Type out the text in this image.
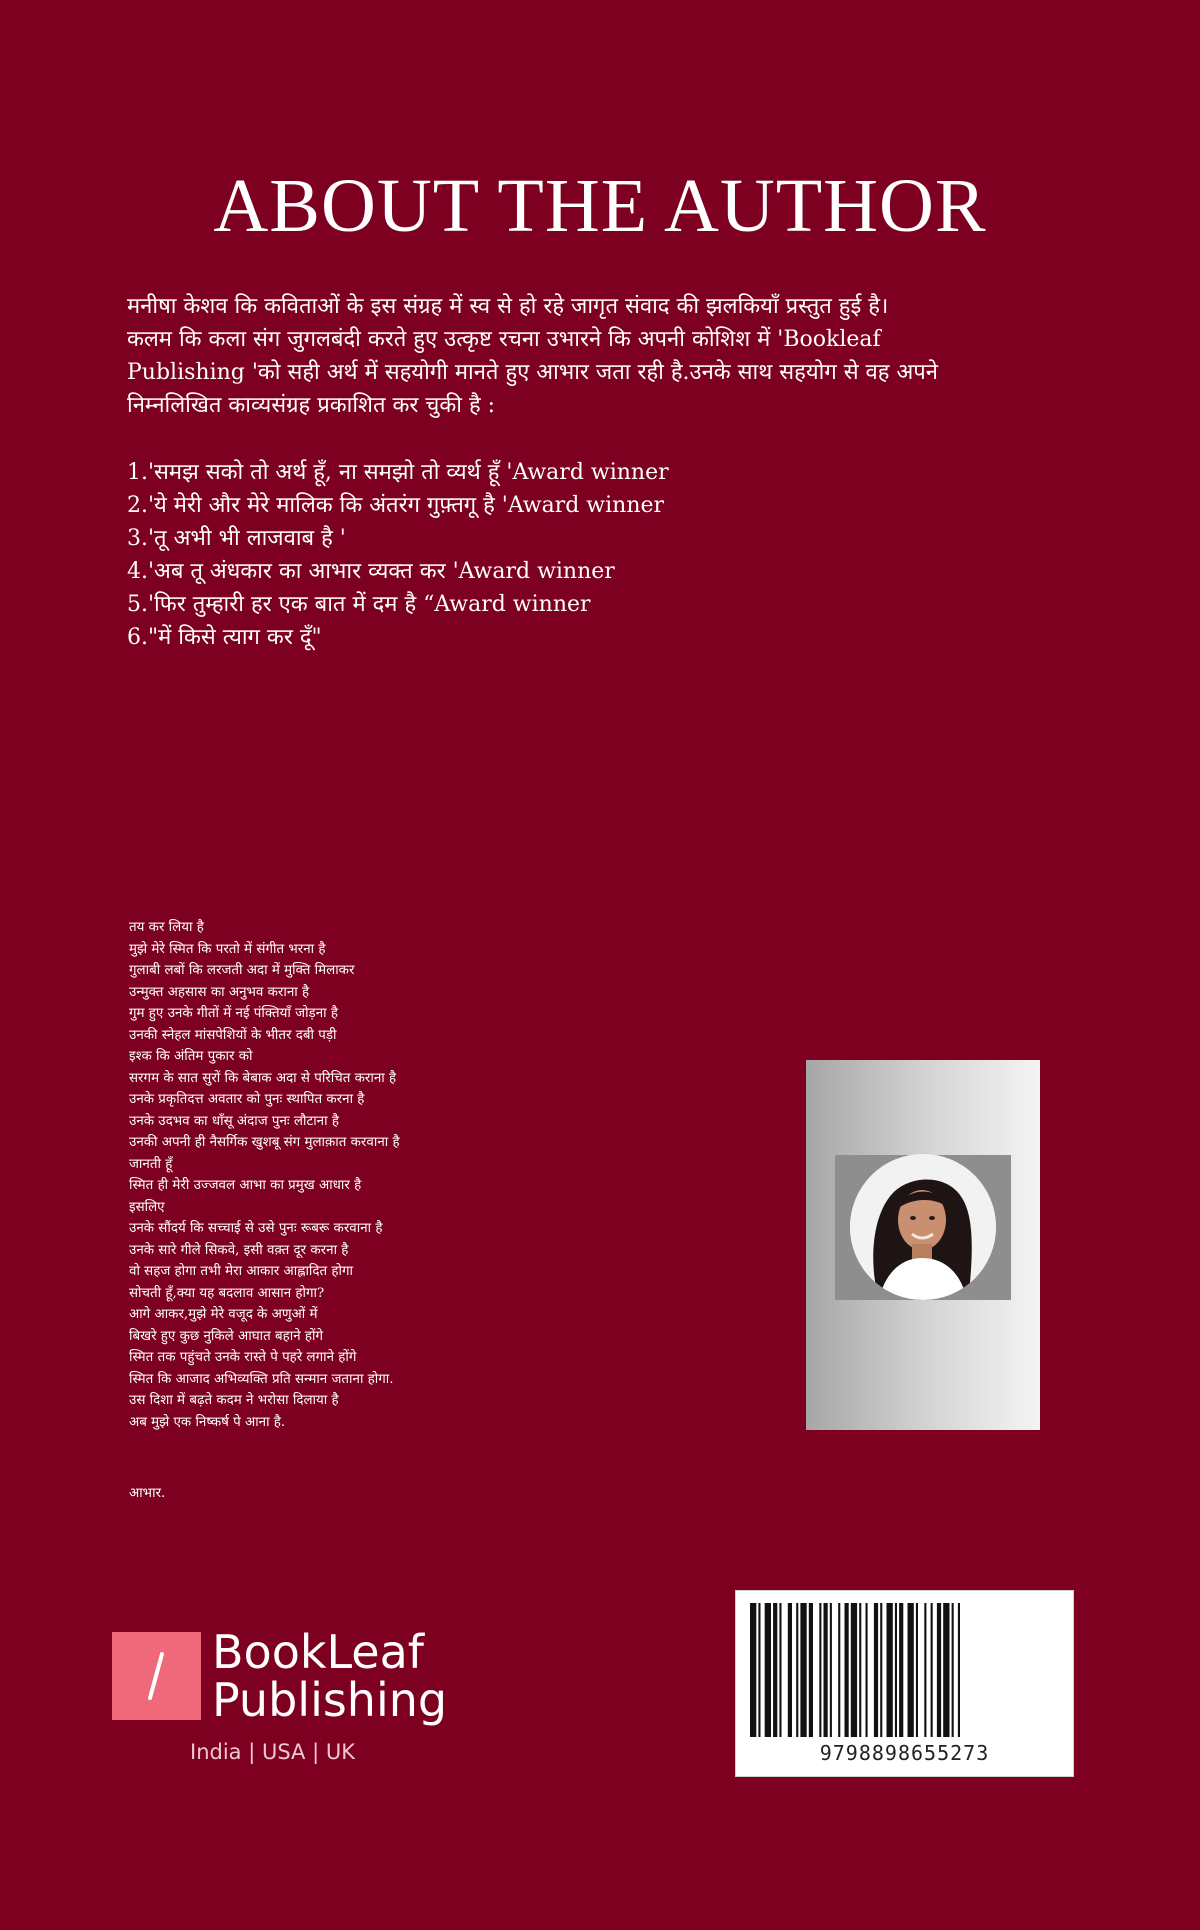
ABOUT THE AUTHOR
मनीषा केशव कि कविताओं के इस संग्रह में स्व से हो रहे जागृत संवाद की झलकियाँ प्रस्तुत हुई है।
कलम कि कला संग जुगलबंदी करते हुए उत्कृष्ट रचना उभारने कि अपनी कोशिश में 'Bookleaf
Publishing 'को सही अर्थ में सहयोगी मानते हुए आभार जता रही है.उनके साथ सहयोग से वह अपने
निम्नलिखित काव्यसंग्रह प्रकाशित कर चुकी है :
1.'समझ सको तो अर्थ हूँ, ना समझो तो व्यर्थ हूँ 'Award winner
2.'ये मेरी और मेरे मालिक कि अंतरंग गुफ़्तगू है 'Award winner
3.'तू अभी भी लाजवाब है '
4.'अब तू अंधकार का आभार व्यक्त कर 'Award winner
5.'फिर तुम्हारी हर एक बात में दम है “Award winner
6."में किसे त्याग कर दूँ"
तय कर लिया है
मुझे मेरे स्मित कि परतो में संगीत भरना है
गुलाबी लबों कि लरजती अदा में मुक्ति मिलाकर
उन्मुक्त अहसास का अनुभव कराना है
गुम हुए उनके गीतों में नई पंक्तियाँ जोड़ना है
उनकी स्नेहल मांसपेशियों के भीतर दबी पड़ी
इश्क कि अंतिम पुकार को
सरगम के सात सुरों कि बेबाक अदा से परिचित कराना है
उनके प्रकृतिदत्त अवतार को पुनः स्थापित करना है
उनके उदभव का धाँसू अंदाज पुनः लौटाना है
उनकी अपनी ही नैसर्गिक खुशबू संग मुलाक़ात करवाना है
जानती हूँ
स्मित ही मेरी उज्जवल आभा का प्रमुख आधार है
इसलिए
उनके सौंदर्य कि सच्चाई से उसे पुनः रूबरू करवाना है
उनके सारे गीले सिकवे, इसी वक़्त दूर करना है
वो सहज होगा तभी मेरा आकार आह्लादित होगा
सोचती हूँ,क्या यह बदलाव आसान होगा?
आगे आकर,मुझे मेरे वजूद के अणुओं में
बिखरे हुए कुछ नुकिले आघात बहाने होंगे
स्मित तक पहुंचते उनके रास्ते पे पहरे लगाने होंगे
स्मित कि आजाद अभिव्यक्ति प्रति सन्मान जताना होगा.
उस दिशा में बढ़ते कदम ने भरोसा दिलाया है
अब मुझे एक निष्कर्ष पे आना है.
आभार.
BookLeaf
Publishing
India | USA | UK	9798898655273
